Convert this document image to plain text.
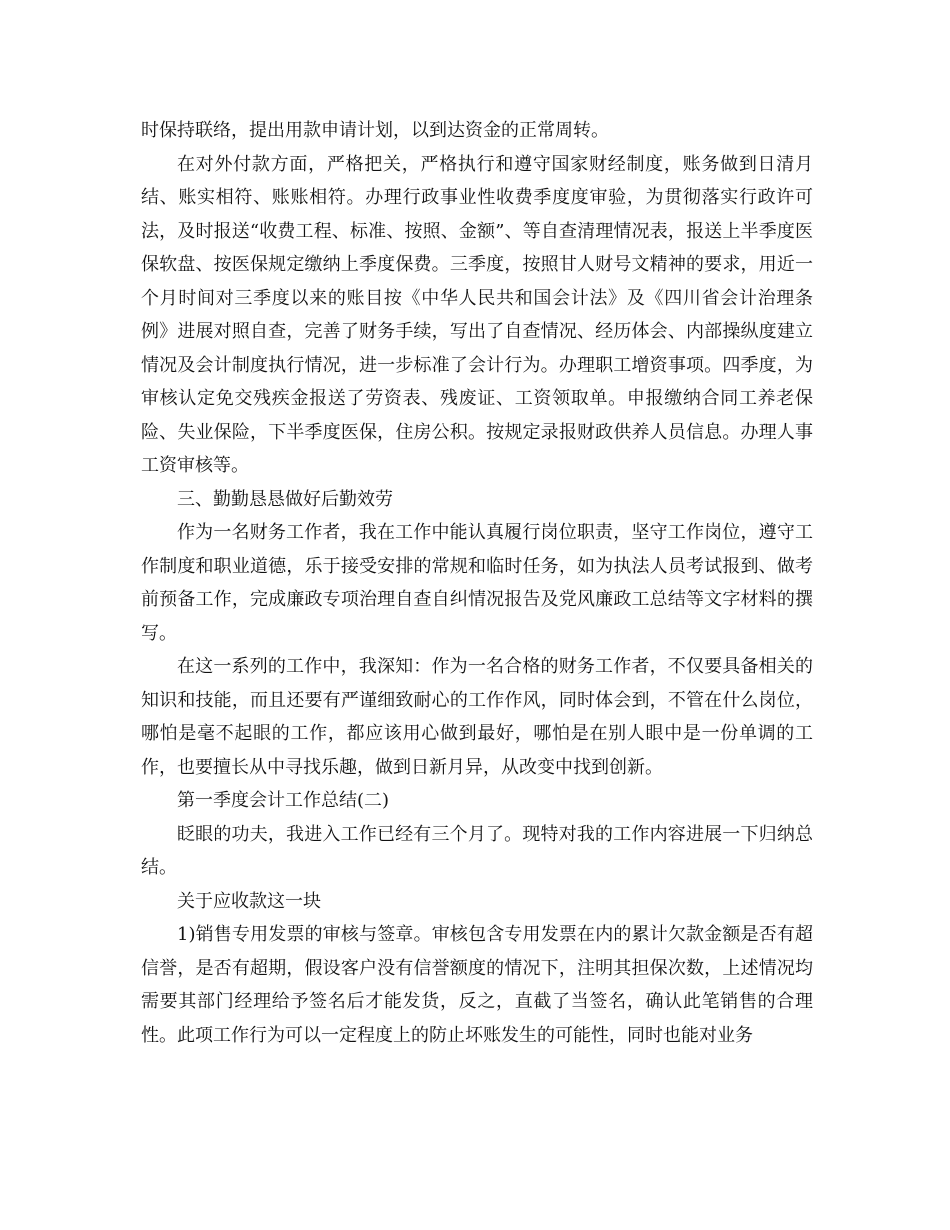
时保持联络，提出用款申请计划，以到达资金的正常周转。

在对外付款方面，严格把关，严格执行和遵守国家财经制度，账务做到日清月结、账实相符、账账相符。办理行政事业性收费季度度审验，为贯彻落实行政许可法，及时报送“收费工程、标准、按照、金额”、等自查清理情况表，报送上半季度医保软盘、按医保规定缴纳上季度保费。三季度，按照甘人财号文精神的要求，用近一个月时间对三季度以来的账目按《中华人民共和国会计法》及《四川省会计治理条例》进展对照自查，完善了财务手续，写出了自查情况、经历体会、内部操纵度建立情况及会计制度执行情况，进一步标准了会计行为。办理职工增资事项。四季度，为审核认定免交残疾金报送了劳资表、残废证、工资领取单。申报缴纳合同工养老保险、失业保险，下半季度医保，住房公积。按规定录报财政供养人员信息。办理人事工资审核等。

三、勤勤恳恳做好后勤效劳

作为一名财务工作者，我在工作中能认真履行岗位职责，坚守工作岗位，遵守工作制度和职业道德，乐于接受安排的常规和临时任务，如为执法人员考试报到、做考前预备工作，完成廉政专项治理自查自纠情况报告及党风廉政工总结等文字材料的撰写。

在这一系列的工作中，我深知：作为一名合格的财务工作者，不仅要具备相关的知识和技能，而且还要有严谨细致耐心的工作作风，同时体会到，不管在什么岗位，哪怕是毫不起眼的工作，都应该用心做到最好，哪怕是在别人眼中是一份单调的工作，也要擅长从中寻找乐趣，做到日新月异，从改变中找到创新。

第一季度会计工作总结(二)

眨眼的功夫，我进入工作已经有三个月了。现特对我的工作内容进展一下归纳总结。

关于应收款这一块

1)销售专用发票的审核与签章。审核包含专用发票在内的累计欠款金额是否有超信誉，是否有超期，假设客户没有信誉额度的情况下，注明其担保次数，上述情况均需要其部门经理给予签名后才能发货，反之，直截了当签名，确认此笔销售的合理性。此项工作行为可以一定程度上的防止坏账发生的可能性，同时也能对业务
